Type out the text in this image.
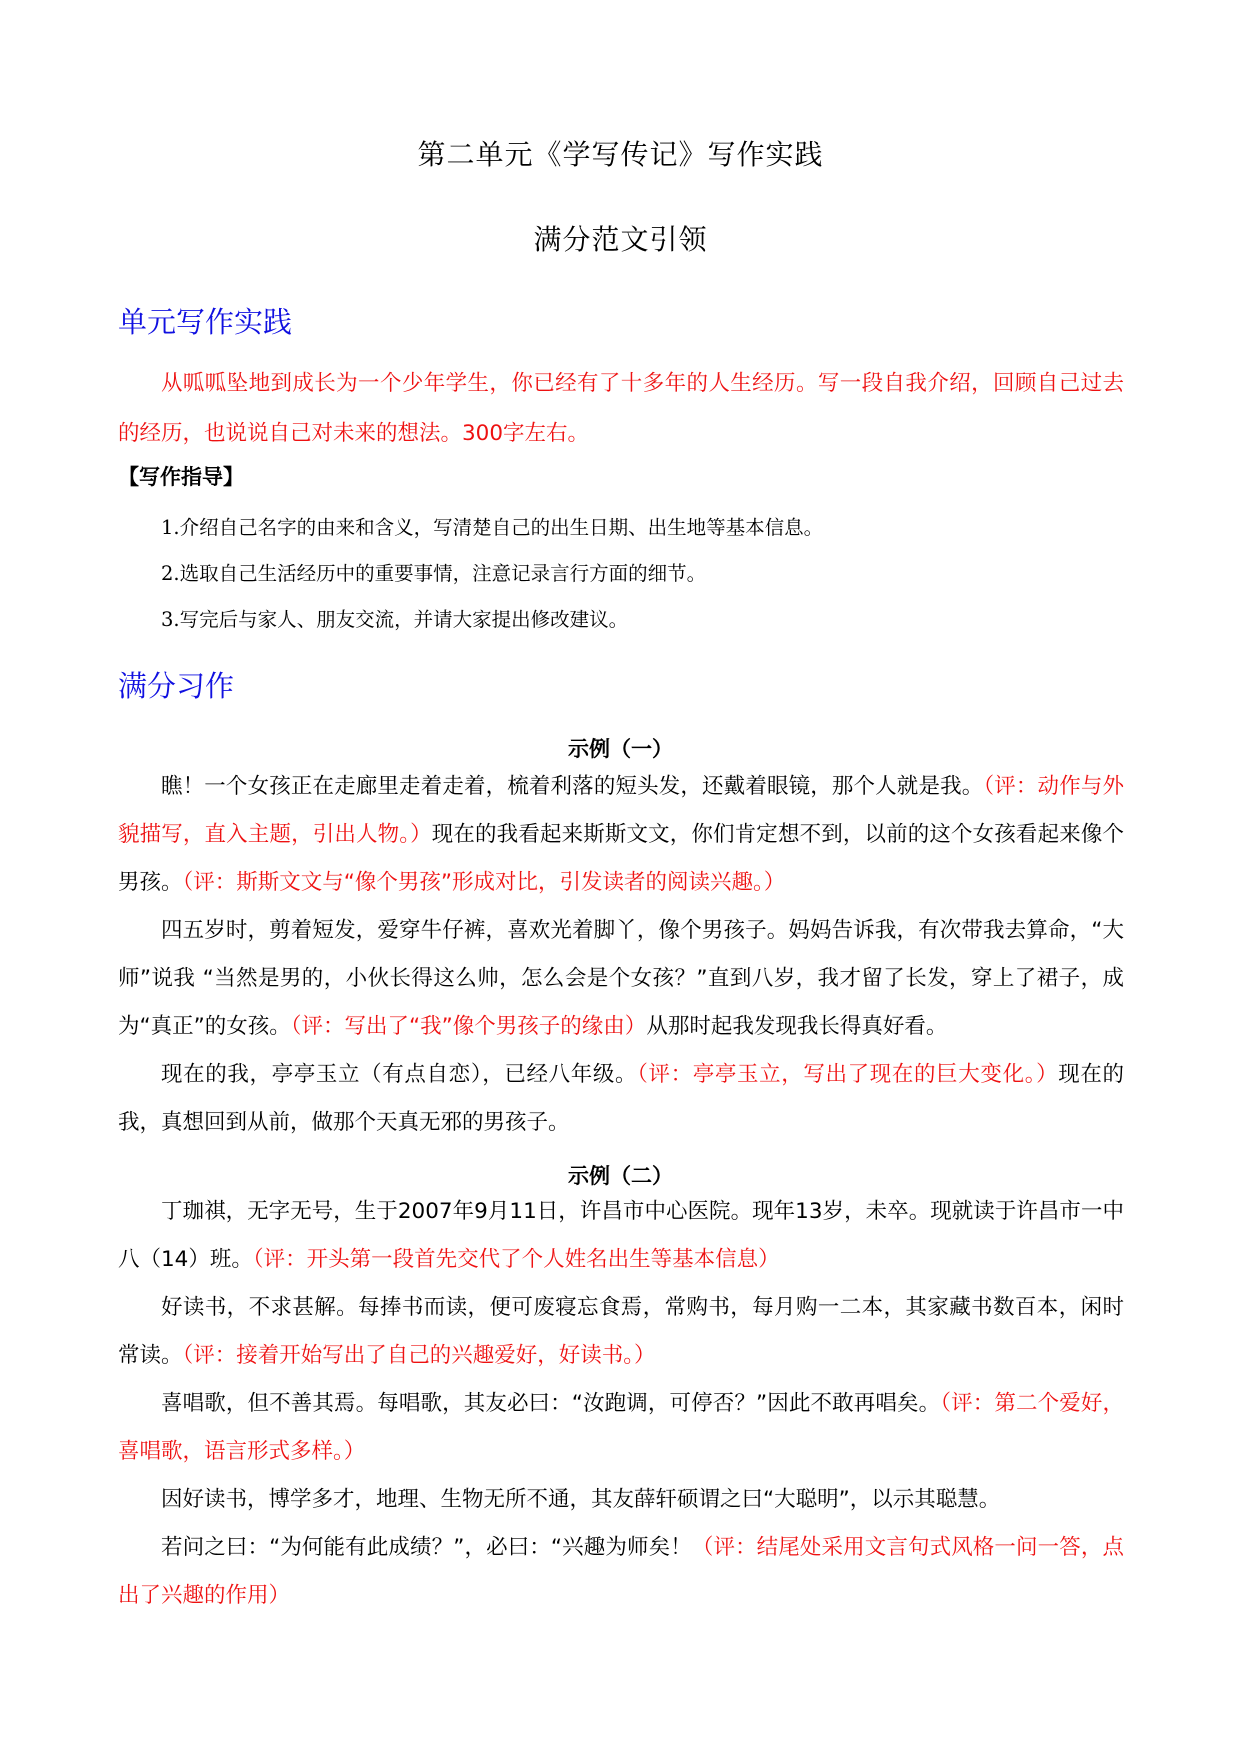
第二单元《学写传记》写作实践
满分范文引领
单元写作实践

从呱呱坠地到成长为一个少年学生，你已经有了十多年的人生经历。写一段自我介绍，回顾自己过去的经历，也说说自己对未来的想法。300字左右。

【写作指导】
1.介绍自己名字的由来和含义，写清楚自己的出生日期、出生地等基本信息。
2.选取自己生活经历中的重要事情，注意记录言行方面的细节。
3.写完后与家人、朋友交流，并请大家提出修改建议。
满分习作
示例（一）

瞧！一个女孩正在走廊里走着走着，梳着利落的短头发，还戴着眼镜，那个人就是我。（评：动作与外貌描写，直入主题，引出人物。）现在的我看起来斯斯文文，你们肯定想不到，以前的这个女孩看起来像个男孩。（评：斯斯文文与“像个男孩”形成对比，引发读者的阅读兴趣。）

四五岁时，剪着短发，爱穿牛仔裤，喜欢光着脚丫，像个男孩子。妈妈告诉我，有次带我去算命，“大师”说我 “当然是男的，小伙长得这么帅，怎么会是个女孩？”直到八岁，我才留了长发，穿上了裙子，成为“真正”的女孩。（评：写出了“我”像个男孩子的缘由）从那时起我发现我长得真好看。

现在的我，亭亭玉立（有点自恋），已经八年级。（评：亭亭玉立，写出了现在的巨大变化。）现在的我，真想回到从前，做那个天真无邪的男孩子。

示例（二）

丁珈祺，无字无号，生于2007年9月11日，许昌市中心医院。现年13岁，未卒。现就读于许昌市一中八（14）班。（评：开头第一段首先交代了个人姓名出生等基本信息）

好读书，不求甚解。每捧书而读，便可废寝忘食焉，常购书，每月购一二本，其家藏书数百本，闲时常读。（评：接着开始写出了自己的兴趣爱好，好读书。）

喜唱歌，但不善其焉。每唱歌，其友必曰：“汝跑调，可停否？”因此不敢再唱矣。（评：第二个爱好，喜唱歌，语言形式多样。）

因好读书，博学多才，地理、生物无所不通，其友薛轩硕谓之曰“大聪明”，以示其聪慧。

若问之曰：“为何能有此成绩？”，必曰：“兴趣为师矣！（评：结尾处采用文言句式风格一问一答，点出了兴趣的作用）
